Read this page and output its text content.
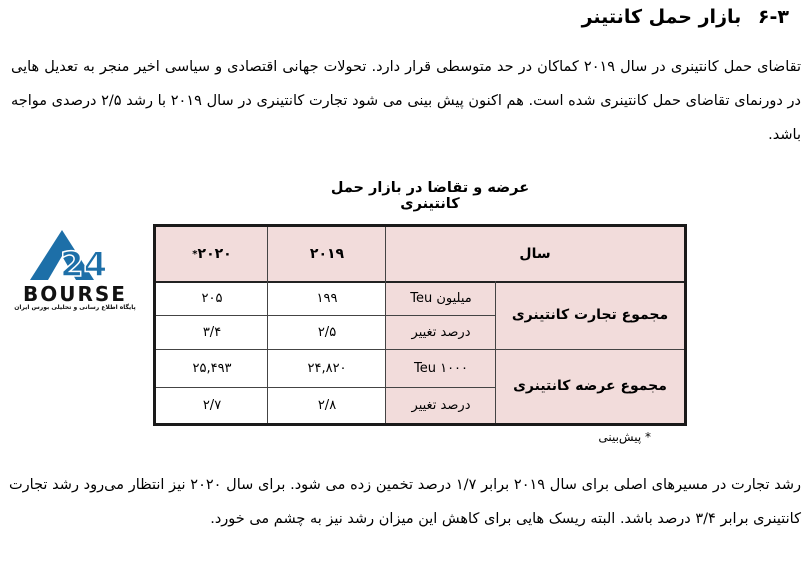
۶-۳ بازار حمل کانتینر
تقاضای حمل کانتینری در سال ۲۰۱۹ کماکان در حد متوسطی قرار دارد. تحولات جهانی اقتصادی و سیاسی اخیر منجر به تعدیل هایی در دورنمای تقاضای حمل کانتینری شده است. هم اکنون پیش بینی می شود تجارت کانتینری در سال ۲۰۱۹ با رشد ۲/۵ درصدی مواجه باشد.
عرضه و تقاضا در بازار حمل کانتینری
24
BOURSE
پایگاه اطلاع رسانی و تحلیلی بورس ایران
سال
۲۰۱۹
۲۰۲۰
*
مجموع تجارت کانتینری
میلیون Teu
۱۹۹
۲۰۵
درصد تغییر
۲/۵
۳/۴
مجموع عرضه کانتینری
Teu ۱۰۰۰
۲۴,۸۲۰
۲۵,۴۹۳
درصد تغییر
۲/۸
۲/۷
* پیش‌بینی
رشد تجارت در مسیرهای اصلی برای سال ۲۰۱۹ برابر ۱/۷ درصد تخمین زده می شود. برای سال ۲۰۲۰ نیز انتظار می‌رود رشد تجارت کانتینری برابر ۳/۴ درصد باشد. البته ریسک هایی برای کاهش این میزان رشد نیز به چشم می خورد.
